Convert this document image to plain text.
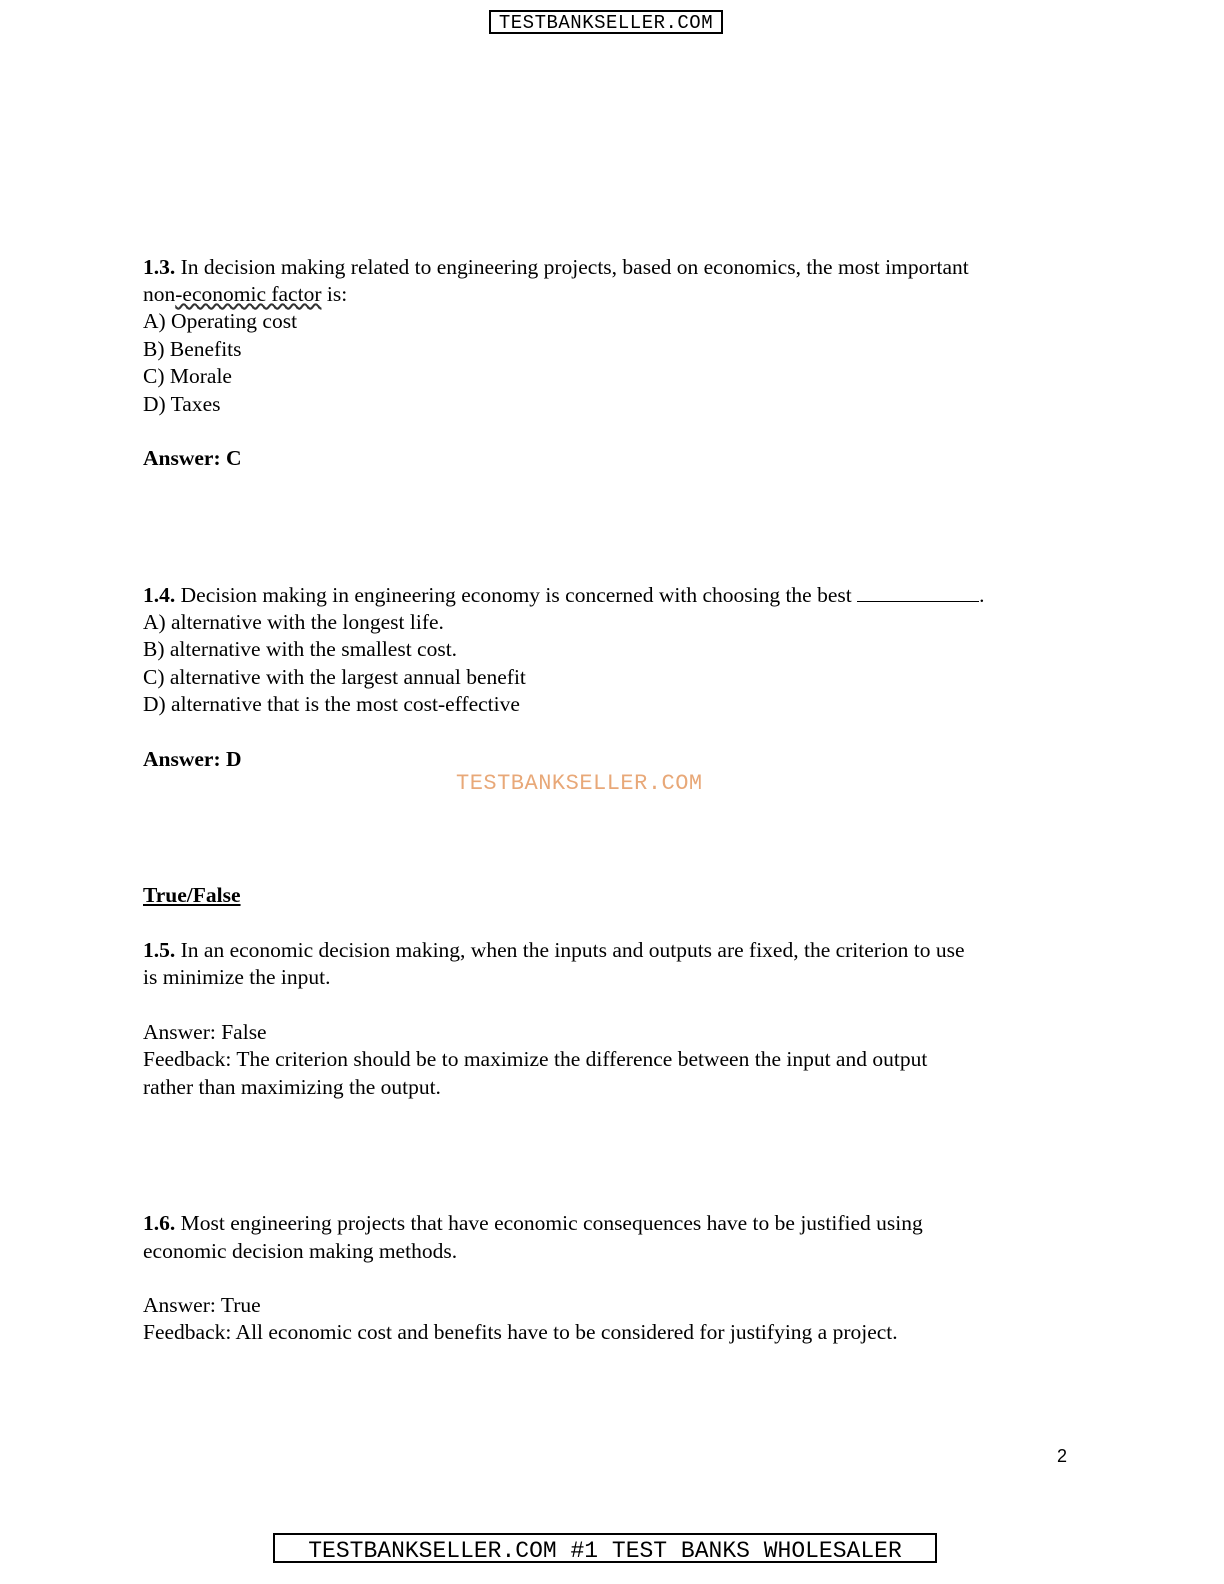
TESTBANKSELLER.COM
1.3. In decision making related to engineering projects, based on economics, the most important
non-economic factor is:
A) Operating cost
B) Benefits
C) Morale
D) Taxes
Answer: C
1.4. Decision making in engineering economy is concerned with choosing the best	.
A) alternative with the longest life.
B) alternative with the smallest cost.
C) alternative with the largest annual benefit
D) alternative that is the most cost-effective
Answer: D
True/False
1.5. In an economic decision making, when the inputs and outputs are fixed, the criterion to use
is minimize the input.
Answer: False
Feedback: The criterion should be to maximize the difference between the input and output
rather than maximizing the output.
1.6. Most engineering projects that have economic consequences have to be justified using
economic decision making methods.
Answer: True
Feedback: All economic cost and benefits have to be considered for justifying a project.
TESTBANKSELLER.COM
2
TESTBANKSELLER.COM #1 TEST BANKS WHOLESALER
